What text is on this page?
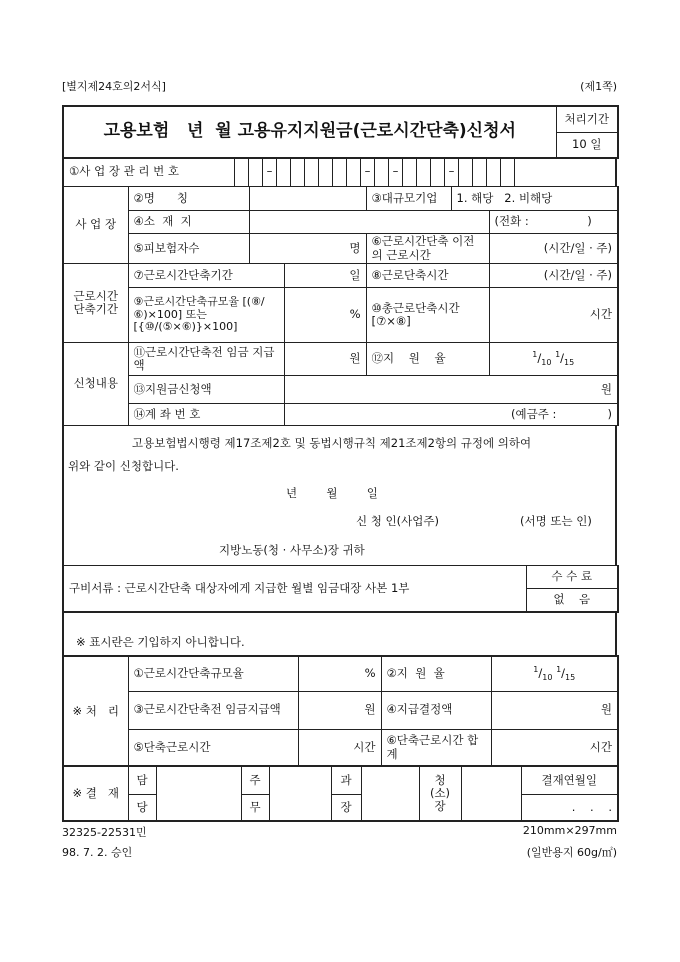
[별지제24호의2서식]	(제1쪽)
고용보험   년  월 고용유지지원금(근로시간단축)신청서	처리기간
10 일
①사 업 장 관 리 번 호			–							–		–				–					
사 업 장	②명      칭			③대규모기업	1. 해당   2. 비해당	
	④소  재  지					(전화 :                )
	⑤피보험자수	명		⑥근로시간단축 이전의 근로시간		(시간/일 · 주)
근로시간 단축기간	⑦근로시간단축기간		일	⑧근로단축시간		(시간/일 · 주)
	⑨근로시간단축규모율 [(⑧/⑥)×100] 또는 [{⑩/(⑤×⑥)}×100]		%	⑩총근로단축시간 [⑦×⑧]		시간
신청내용	⑪근로시간단축전 임금 지급액		원	⑫지    원    율		$^1/_{10}$ $^1/_{15}$
	⑬지원금신청액		원			
	⑭계 좌 번 호		(예금주 :              )			
고용보험법시행령 제17조제2호 및 동법시행규칙 제21조제2항의 규정에 의하여
위와 같이 신청합니다.
년        월        일
신 청 인(사업주)	(서명 또는 인)
지방노동(청 · 사무소)장 귀하
구비서류 : 근로시간단축 대상자에게 지급한 월별 임금대장 사본 1부	수 수 료
없    음
※ 표시란은 기입하지 아니합니다.
※ 처   리	①근로시간단축규모율	%	②지  원  율	$^1/_{10}$ $^1/_{15}$
	③근로시간단축전 임금지급액	원	④지급결정액	원
	⑤단축근로시간	시간	⑥단축근로시간 합계	시간
※ 결   재	담		주		과		청 (소) 장		결재연월일
	당		무		장				.    .    .
32325-22531민
98. 7. 2. 승인
210mm×297mm
(일반용지 60g/㎡)
